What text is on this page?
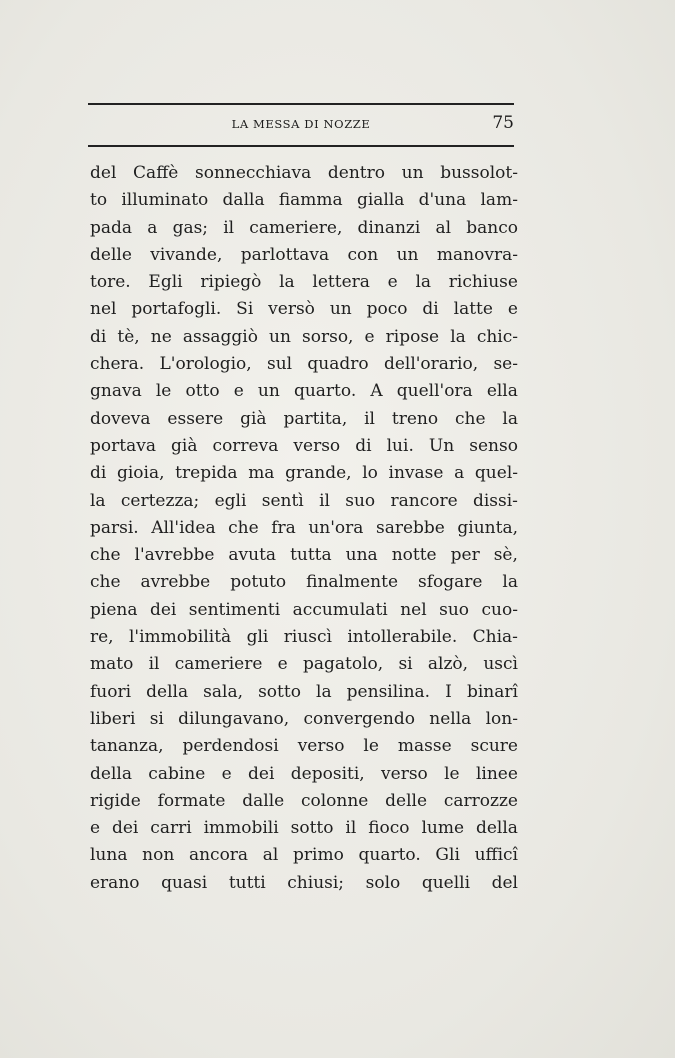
LA MESSA DI NOZZE	75
del Caffè sonnecchiava dentro un bussolot-
to illuminato dalla fiamma gialla d'una lam-
pada a gas; il cameriere, dinanzi al banco
delle vivande, parlottava con un manovra-
tore. Egli ripiegò la lettera e la richiuse
nel portafogli. Si versò un poco di latte e
di tè, ne assaggiò un sorso, e ripose la chic-
chera. L'orologio, sul quadro dell'orario, se-
gnava le otto e un quarto. A quell'ora ella
doveva essere già partita, il treno che la
portava già correva verso di lui. Un senso
di gioia, trepida ma grande, lo invase a quel-
la certezza; egli sentì il suo rancore dissi-
parsi. All'idea che fra un'ora sarebbe giunta,
che l'avrebbe avuta tutta una notte per sè,
che avrebbe potuto finalmente sfogare la
piena dei sentimenti accumulati nel suo cuo-
re, l'immobilità gli riuscì intollerabile. Chia-
mato il cameriere e pagatolo, si alzò, uscì
fuori della sala, sotto la pensilina. I binarî
liberi si dilungavano, convergendo nella lon-
tananza, perdendosi verso le masse scure
della cabine e dei depositi, verso le linee
rigide formate dalle colonne delle carrozze
e dei carri immobili sotto il fioco lume della
luna non ancora al primo quarto. Gli ufficî
erano quasi tutti chiusi; solo quelli del
